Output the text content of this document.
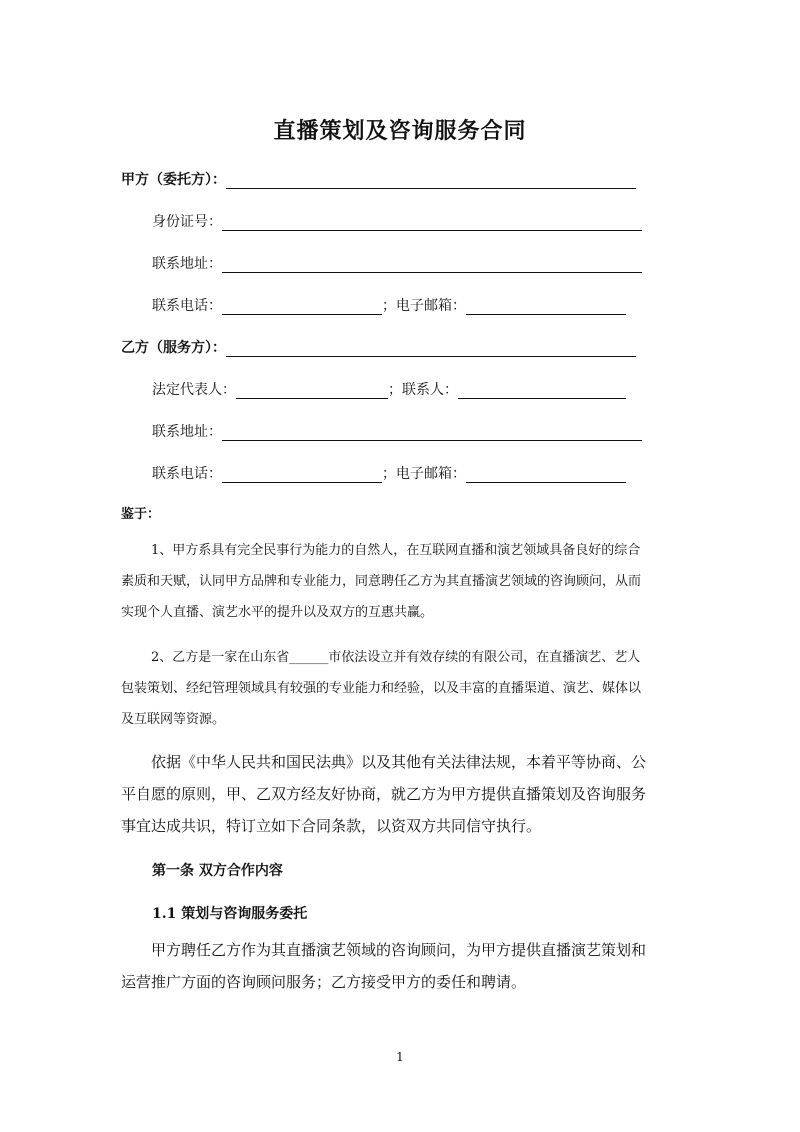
直播策划及咨询服务合同
甲方（委托方）：
身份证号：
联系地址：
联系电话：	； 电子邮箱：
乙方（服务方）：
法定代表人：	； 联系人：
联系地址：
联系电话：	； 电子邮箱：
鉴于：
1、甲方系具有完全民事行为能力的自然人，在互联网直播和演艺领域具备良好的综合
素质和天赋，认同甲方品牌和专业能力，同意聘任乙方为其直播演艺领域的咨询顾问，从而
实现个人直播、演艺水平的提升以及双方的互惠共赢。
2、乙方是一家在山东省______市依法设立并有效存续的有限公司，在直播演艺、艺人
包装策划、经纪管理领域具有较强的专业能力和经验，以及丰富的直播渠道、演艺、媒体以
及互联网等资源。
依据《中华人民共和国民法典》以及其他有关法律法规，本着平等协商、公
平自愿的原则，甲、乙双方经友好协商，就乙方为甲方提供直播策划及咨询服务
事宜达成共识，特订立如下合同条款，以资双方共同信守执行。
第一条 双方合作内容
1.1 策划与咨询服务委托
甲方聘任乙方作为其直播演艺领域的咨询顾问，为甲方提供直播演艺策划和
运营推广方面的咨询顾问服务；乙方接受甲方的委任和聘请。
1
